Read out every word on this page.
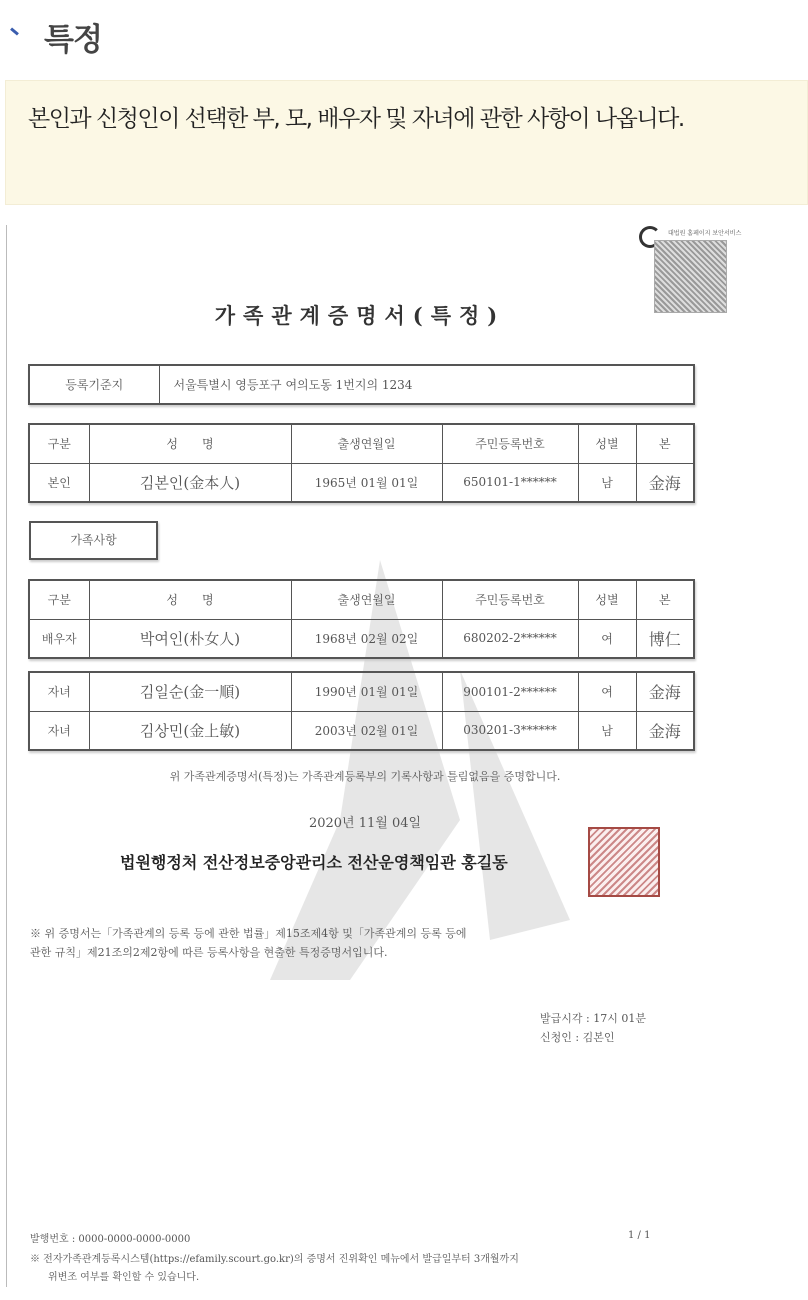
특정
본인과 신청인이 선택한 부, 모, 배우자 및 자녀에 관한 사항이 나옵니다.
대법원 홈페이지 보안서비스
가족관계증명서(특정)
등록기준지	서울특별시 영등포구 여의도동 1번지의 1234
구분	성　　명	출생연월일	주민등록번호	성별	본
본인	김본인(金本人)	1965년 01월 01일	650101-1******	남	金海
가족사항
구분	성　　명	출생연월일	주민등록번호	성별	본
배우자	박여인(朴女人)	1968년 02월 02일	680202-2******	여	博仁
자녀	김일순(金一順)	1990년 01월 01일	900101-2******	여	金海
자녀	김상민(金上敏)	2003년 02월 01일	030201-3******	남	金海
위 가족관계증명서(특정)는 가족관계등록부의 기록사항과 틀림없음을 증명합니다.
2020년 11월 04일
법원행정처 전산정보중앙관리소 전산운영책임관 홍길동
※ 위 증명서는「가족관계의 등록 등에 관한 법률」제15조제4항 및「가족관계의 등록 등에
관한 규칙」제21조의2제2항에 따른 등록사항을 현출한 특정증명서입니다.
발급시각 : 17시 01분
신청인 : 김본인
발행번호 : 0000-0000-0000-0000	1 / 1
※ 전자가족관계등록시스템(https://efamily.scourt.go.kr)의 증명서 진위확인 메뉴에서 발급일부터 3개월까지
위변조 여부를 확인할 수 있습니다.
